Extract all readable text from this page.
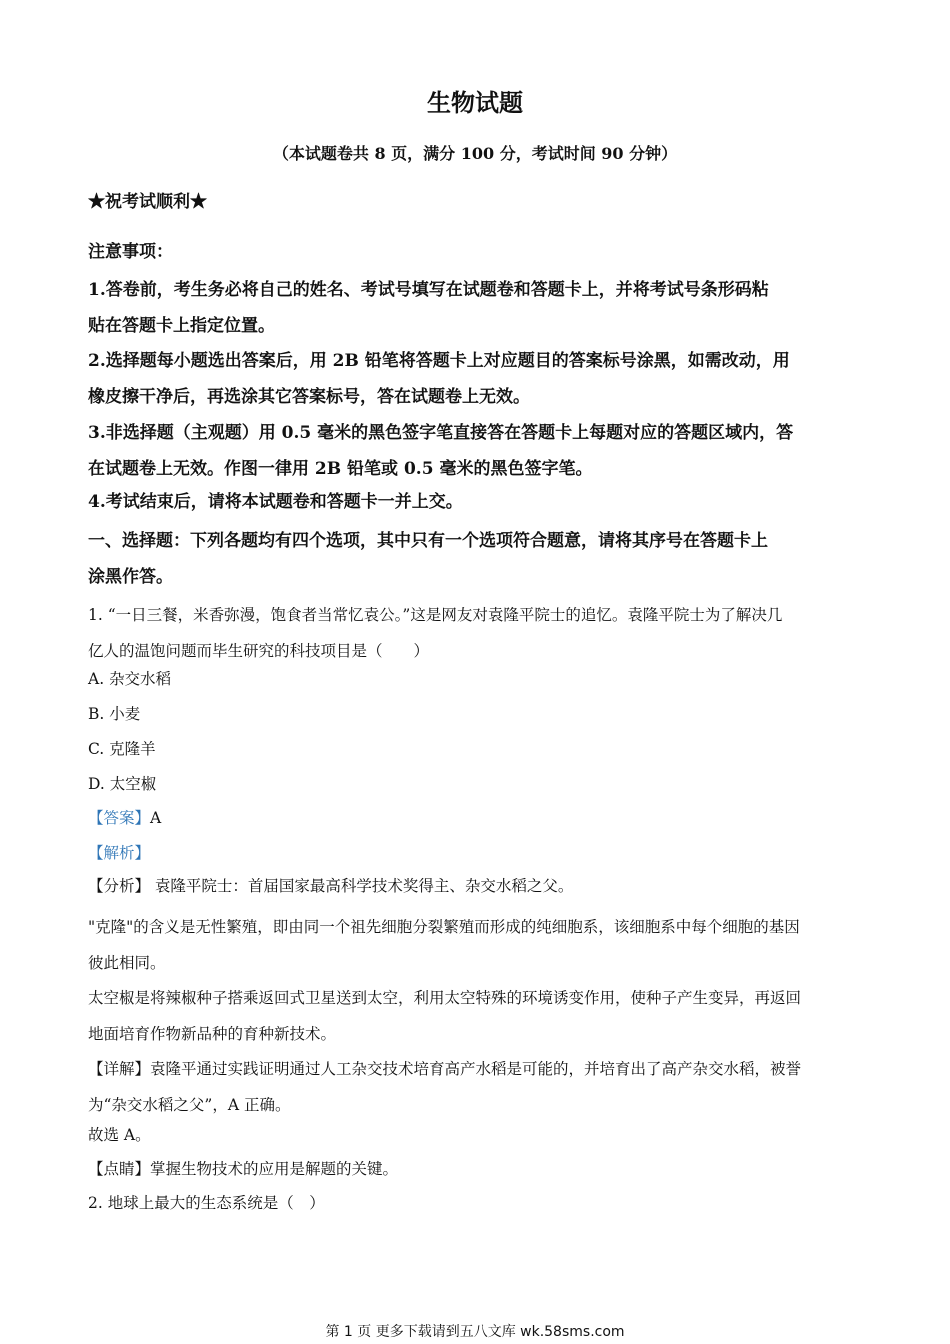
生物试题
（本试题卷共 8 页，满分 100 分，考试时间 90 分钟）
★祝考试顺利★
注意事项：
1.答卷前，考生务必将自己的姓名、考试号填写在试题卷和答题卡上，并将考试号条形码粘
贴在答题卡上指定位置。
2.选择题每小题选出答案后，用 2B 铅笔将答题卡上对应题目的答案标号涂黑，如需改动，用
橡皮擦干净后，再选涂其它答案标号，答在试题卷上无效。
3.非选择题（主观题）用 0.5 毫米的黑色签字笔直接答在答题卡上每题对应的答题区域内，答
在试题卷上无效。作图一律用 2B 铅笔或 0.5 毫米的黑色签字笔。
4.考试结束后，请将本试题卷和答题卡一并上交。
一、选择题：下列各题均有四个选项，其中只有一个选项符合题意，请将其序号在答题卡上
涂黑作答。
1. “一日三餐，米香弥漫，饱食者当常忆袁公。”这是网友对袁隆平院士的追忆。袁隆平院士为了解决几
亿人的温饱问题而毕生研究的科技项目是（　　）
A. 杂交水稻
B. 小麦
C. 克隆羊
D. 太空椒
【答案】A
【解析】
【分析】 袁隆平院士：首届国家最高科学技术奖得主、杂交水稻之父。
"克隆"的含义是无性繁殖，即由同一个祖先细胞分裂繁殖而形成的纯细胞系，该细胞系中每个细胞的基因
彼此相同。
太空椒是将辣椒种子搭乘返回式卫星送到太空，利用太空特殊的环境诱变作用，使种子产生变异，再返回
地面培育作物新品种的育种新技术。
【详解】袁隆平通过实践证明通过人工杂交技术培育高产水稻是可能的，并培育出了高产杂交水稻，被誉
为“杂交水稻之父”，A 正确。
故选 A。
【点睛】掌握生物技术的应用是解题的关键。
2. 地球上最大的生态系统是（　）
第 1 页 更多下载请到五八文库 wk.58sms.com
